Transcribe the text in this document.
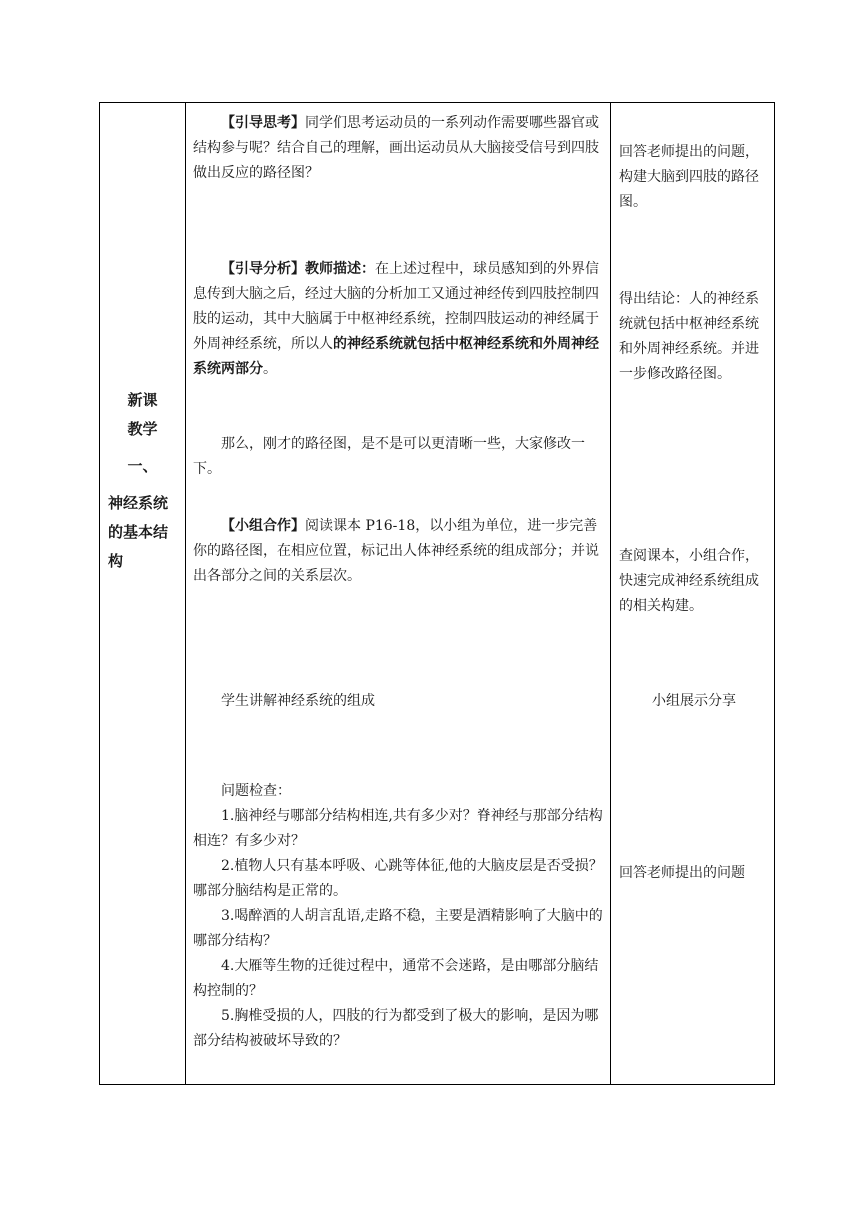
新课
教学
一、
神经系统
的基本结
构

【引导思考】同学们思考运动员的一系列动作需要哪些器官或结构参与呢？结合自己的理解，画出运动员从大脑接受信号到四肢做出反应的路径图？

【引导分析】教师描述：在上述过程中，球员感知到的外界信息传到大脑之后，经过大脑的分析加工又通过神经传到四肢控制四肢的运动，其中大脑属于中枢神经系统，控制四肢运动的神经属于外周神经系统，所以人的神经系统就包括中枢神经系统和外周神经系统两部分。

那么，刚才的路径图，是不是可以更清晰一些，大家修改一下。

【小组合作】阅读课本 P16-18，以小组为单位，进一步完善你的路径图，在相应位置，标记出人体神经系统的组成部分；并说出各部分之间的关系层次。

学生讲解神经系统的组成

问题检查：

1.脑神经与哪部分结构相连,共有多少对？脊神经与那部分结构相连？有多少对？

2.植物人只有基本呼吸、心跳等体征,他的大脑皮层是否受损？哪部分脑结构是正常的。

3.喝醉酒的人胡言乱语,走路不稳，主要是酒精影响了大脑中的哪部分结构？

4.大雁等生物的迁徙过程中，通常不会迷路，是由哪部分脑结构控制的？

5.胸椎受损的人，四肢的行为都受到了极大的影响，是因为哪部分结构被破坏导致的？

回答老师提出的问题，构建大脑到四肢的路径图。

得出结论：人的神经系统就包括中枢神经系统和外周神经系统。并进一步修改路径图。

查阅课本，小组合作，快速完成神经系统组成的相关构建。

小组展示分享

回答老师提出的问题
